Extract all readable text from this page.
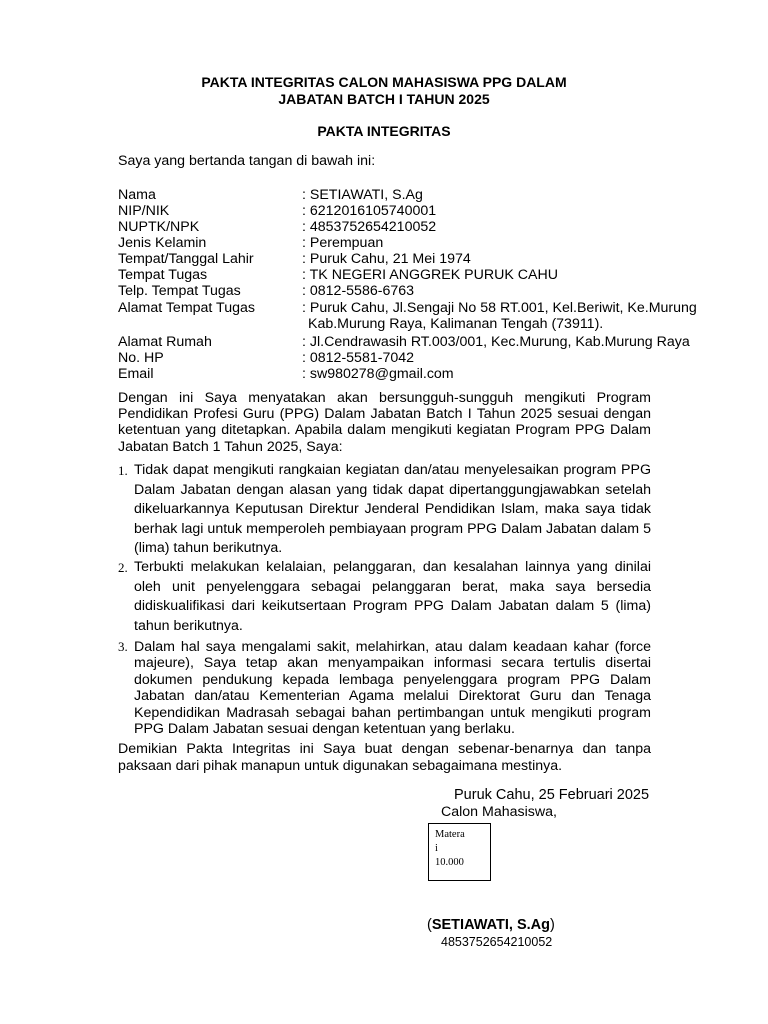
PAKTA INTEGRITAS CALON MAHASISWA PPG DALAM
JABATAN BATCH I TAHUN 2025
PAKTA INTEGRITAS
Saya yang bertanda tangan di bawah ini:
Nama	: SETIAWATI, S.Ag
NIP/NIK	: 6212016105740001
NUPTK/NPK	: 4853752654210052
Jenis Kelamin	: Perempuan
Tempat/Tanggal Lahir	: Puruk Cahu, 21 Mei 1974
Tempat Tugas	: TK NEGERI ANGGREK PURUK CAHU
Telp. Tempat Tugas	: 0812-5586-6763
Alamat Tempat Tugas	: Puruk Cahu, Jl.Sengaji No 58 RT.001, Kel.Beriwit, Ke.Murung
Kab.Murung Raya, Kalimanan Tengah (73911).
Alamat Rumah	: Jl.Cendrawasih RT.003/001, Kec.Murung, Kab.Murung Raya
No. HP	: 0812-5581-7042
Email	: sw980278@gmail.com
Dengan ini Saya menyatakan akan bersungguh-sungguh mengikuti Program Pendidikan Profesi Guru (PPG) Dalam Jabatan Batch I Tahun 2025 sesuai dengan ketentuan yang ditetapkan. Apabila dalam mengikuti kegiatan Program PPG Dalam Jabatan Batch 1 Tahun 2025, Saya:
1. Tidak dapat mengikuti rangkaian kegiatan dan/atau menyelesaikan program PPG Dalam Jabatan dengan alasan yang tidak dapat dipertanggungjawabkan setelah dikeluarkannya Keputusan Direktur Jenderal Pendidikan Islam, maka saya tidak berhak lagi untuk memperoleh pembiayaan program PPG Dalam Jabatan dalam 5 (lima) tahun berikutnya.
2. Terbukti melakukan kelalaian, pelanggaran, dan kesalahan lainnya yang dinilai oleh unit penyelenggara sebagai pelanggaran berat, maka saya bersedia didiskualifikasi dari keikutsertaan Program PPG Dalam Jabatan dalam 5 (lima) tahun berikutnya.
3. Dalam hal saya mengalami sakit, melahirkan, atau dalam keadaan kahar (force majeure), Saya tetap akan menyampaikan informasi secara tertulis disertai dokumen pendukung kepada lembaga penyelenggara program PPG Dalam Jabatan dan/atau Kementerian Agama melalui Direktorat Guru dan Tenaga Kependidikan Madrasah sebagai bahan pertimbangan untuk mengikuti program PPG Dalam Jabatan sesuai dengan ketentuan yang berlaku.
Demikian Pakta Integritas ini Saya buat dengan sebenar-benarnya dan tanpa paksaan dari pihak manapun untuk digunakan sebagaimana mestinya.
Puruk Cahu, 25 Februari 2025
Calon Mahasiswa,
Matera
i
10.000
(SETIAWATI, S.Ag)
4853752654210052
